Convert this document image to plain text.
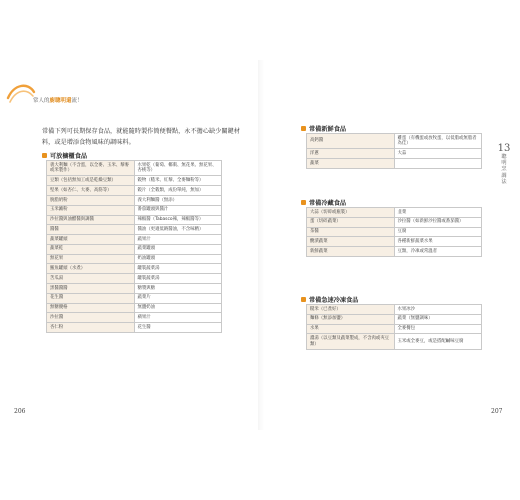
常人的廚聰明還流！

常備下列可長期保存食品，就能隨時製作簡便餐點，永不擔心缺少關鍵材料，或是增添食物風味的調味料。

可放櫥櫃食品
義大利麵（不含蛋，以全麥、玉米、藜麥或米製作）	水果乾（葡萄、椰棗、無花果、無花果、杏桃等）
豆類（包括無加工或是乾燥豆類）	穀物（糙米、紅藜、全麥麵粉等）
堅果（如杏仁、大麥、高筋等）	穀片（全穀類，成份單純，無加）
脫脂奶粉	義大利麵醬（無添）
玉米澱粉	番茄罐頭與醬汁
沙拉醬與油醋醬與調醬	辣椒醬（Tabasco辣，辣椒醬等）
醬醬	醬油（更適低鈉醬油，不含味精）
蔬菜罐頭	蔬果汁
蔬菜乾	蔬菜罐頭
無花果	奶油罐頭
鮪魚罐頭（水煮）	罐裝蔬菜湯
苦瓜湯	罐裝蔬菜湯
黑醬醬醬	糖漿與糖
花生醬	蔬菜片
無糖優格	無鹽奶油
沙拉醬	蘋果汁
杏仁粉	花生醬
常備新鮮食品
高鈣醬	雞蛋（有機蛋或放牧蛋，以低脂或無脂者為佳）
洋蔥	大蒜
蔬菜	
常備冷藏食品
大蒜（切碎或瓶裝）	韭菜
蛋（切碎蔬菜）	沙拉醬（如新鮮沙拉醬或番茄醬）
茶醬	豆腐
醃漬蔬菜	各種新鮮蔬菜水果
新鮮蔬菜	豆類，冷凍或常溫者
常備急速冷凍食品
糙米（已煮好）	水果冰沙
麵條（無添加鹽）	蔬菜（無鹽調味）
水果	全麥餐包
濃湯（以豆類及蔬菜製成，不含肉或夾豆類）	玉米或全麥豆，或是搭配鹹味豆腐
13
聰
明
烹
調
法
206	207
